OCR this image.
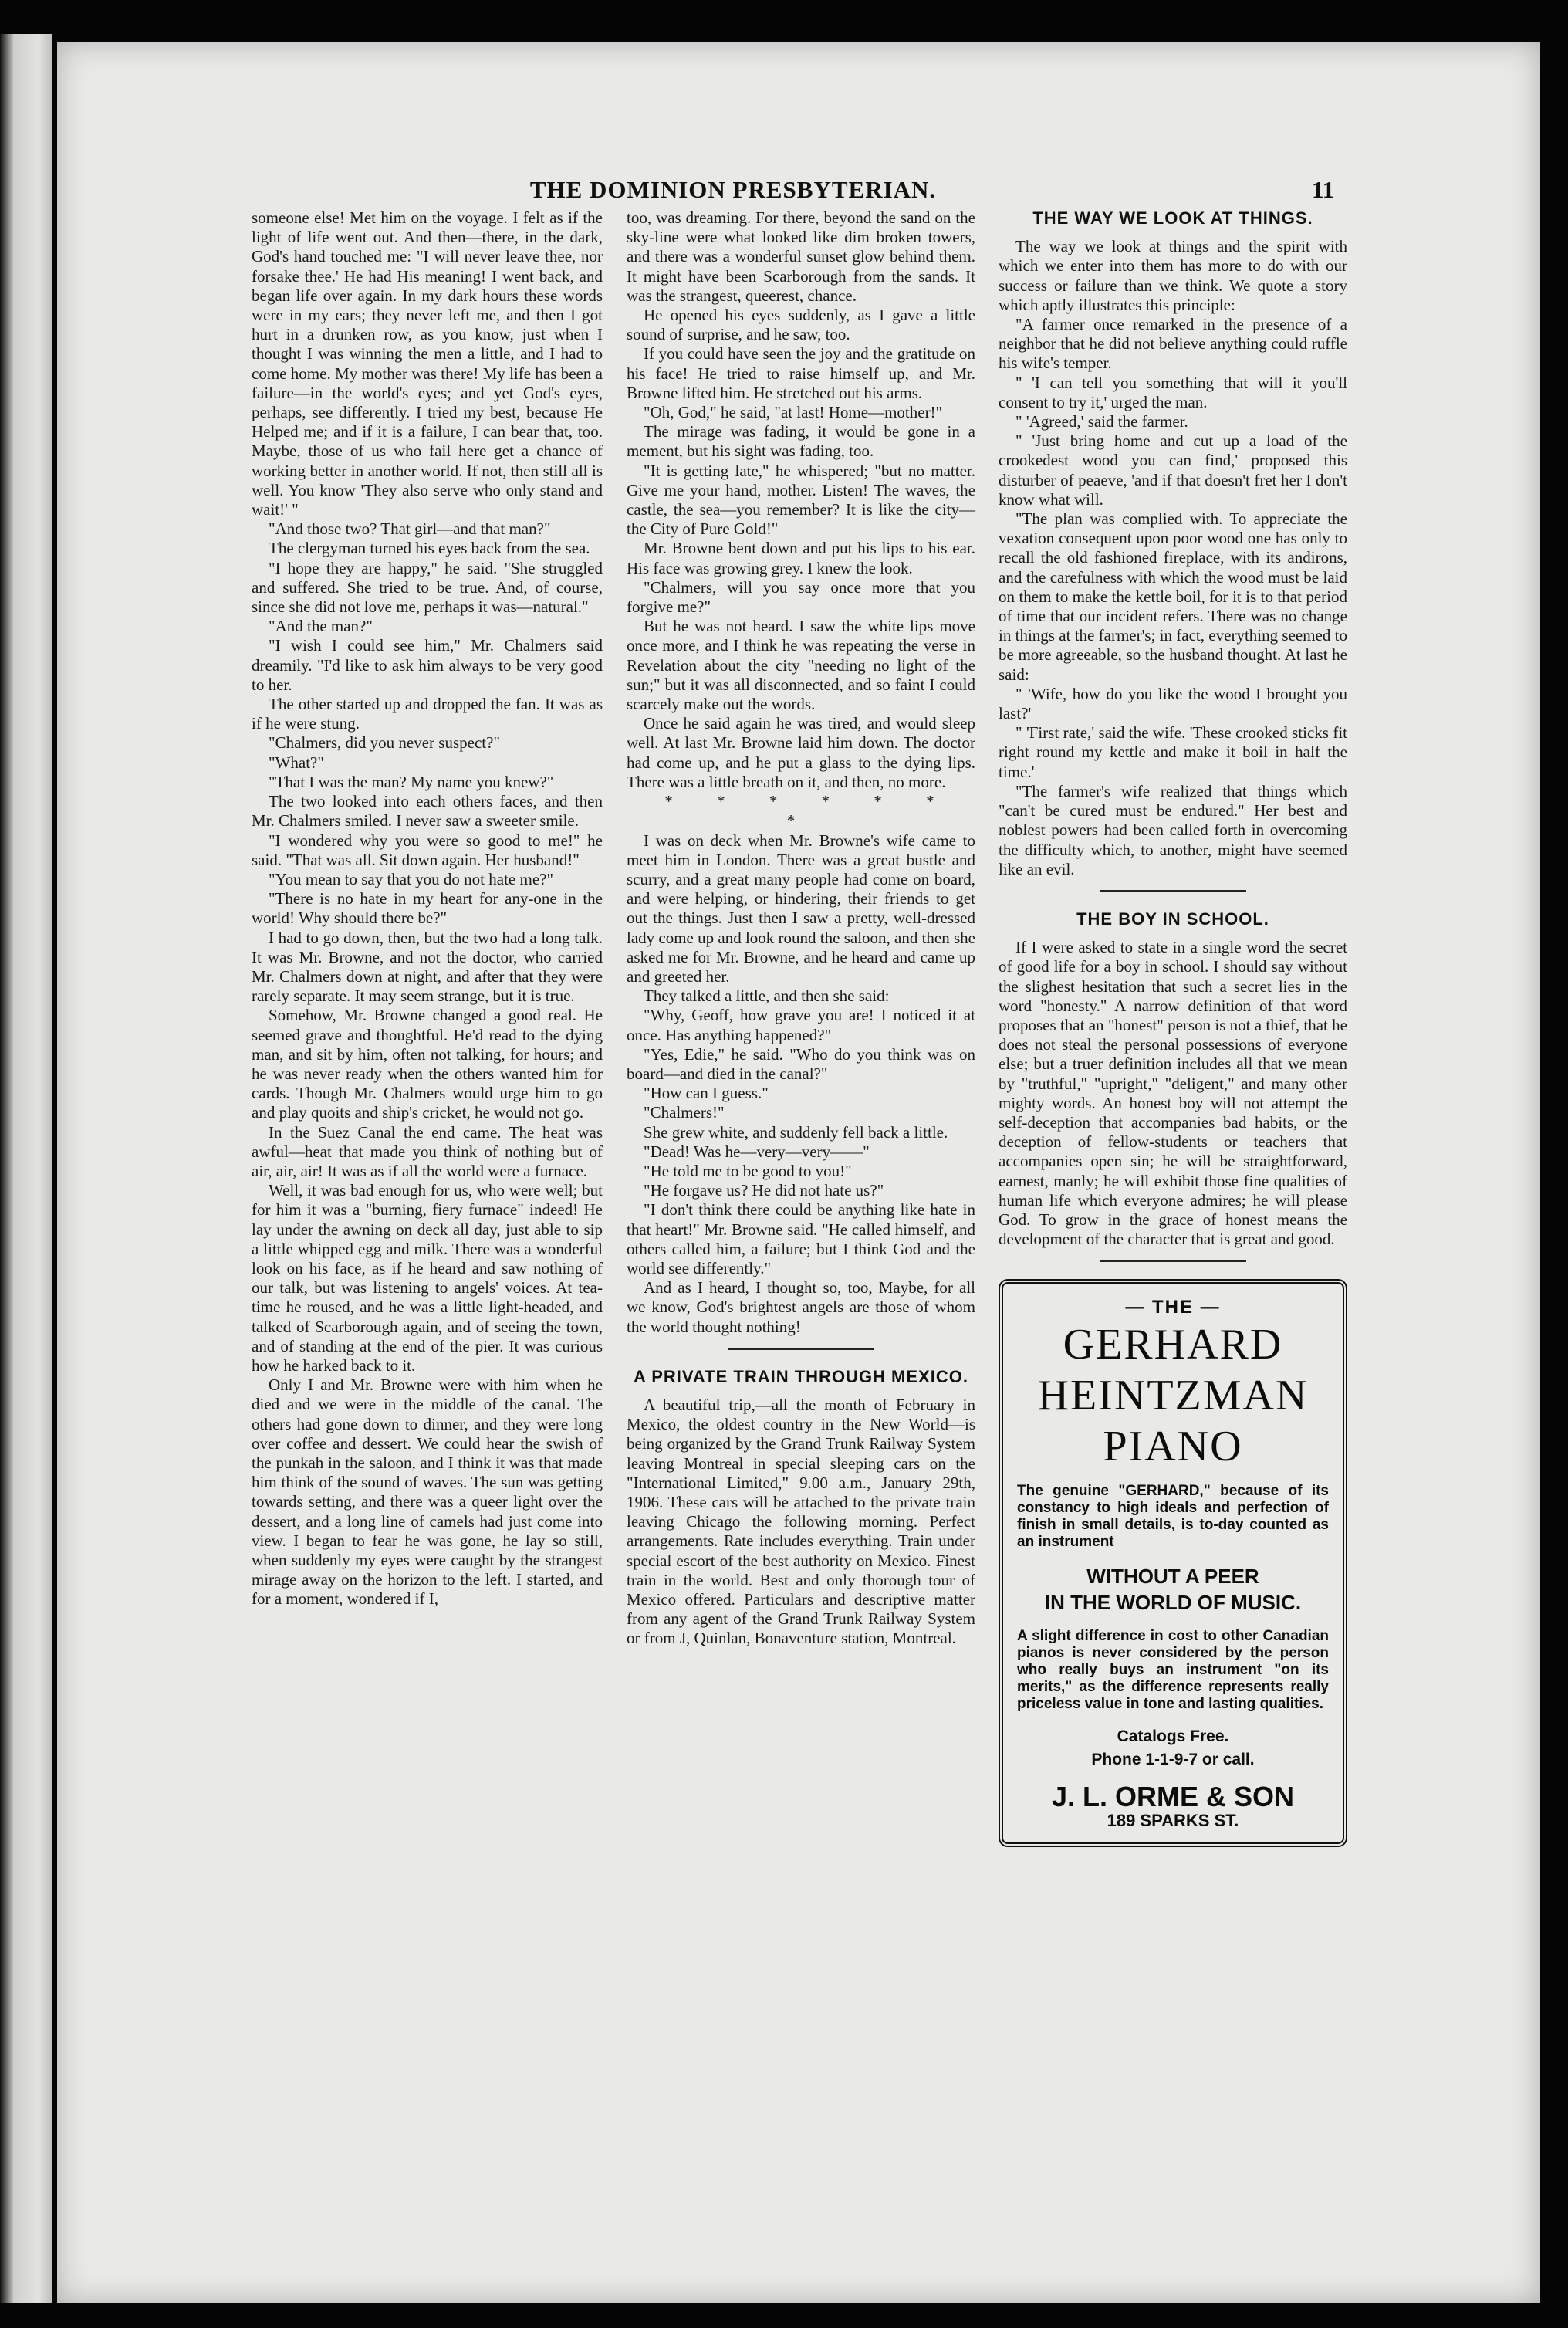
THE DOMINION PRESBYTERIAN.	11

someone else! Met him on the voyage. I felt as if the light of life went out. And then—there, in the dark, God's hand touched me: "I will never leave thee, nor forsake thee.' He had His meaning! I went back, and began life over again. In my dark hours these words were in my ears; they never left me, and then I got hurt in a drunken row, as you know, just when I thought I was winning the men a little, and I had to come home. My mother was there! My life has been a failure—in the world's eyes; and yet God's eyes, perhaps, see differently. I tried my best, because He Helped me; and if it is a failure, I can bear that, too. Maybe, those of us who fail here get a chance of working better in another world. If not, then still all is well. You know 'They also serve who only stand and wait!' "

"And those two? That girl—and that man?"

The clergyman turned his eyes back from the sea.

"I hope they are happy," he said. "She struggled and suffered. She tried to be true. And, of course, since she did not love me, perhaps it was—natural."

"And the man?"

"I wish I could see him," Mr. Chalmers said dreamily. "I'd like to ask him always to be very good to her.

The other started up and dropped the fan. It was as if he were stung.

"Chalmers, did you never suspect?"

"What?"

"That I was the man? My name you knew?"

The two looked into each others faces, and then Mr. Chalmers smiled. I never saw a sweeter smile.

"I wondered why you were so good to me!" he said. "That was all. Sit down again. Her husband!"

"You mean to say that you do not hate me?"

"There is no hate in my heart for any-one in the world! Why should there be?"

I had to go down, then, but the two had a long talk. It was Mr. Browne, and not the doctor, who carried Mr. Chalmers down at night, and after that they were rarely separate. It may seem strange, but it is true.

Somehow, Mr. Browne changed a good real. He seemed grave and thoughtful. He'd read to the dying man, and sit by him, often not talking, for hours; and he was never ready when the others wanted him for cards. Though Mr. Chalmers would urge him to go and play quoits and ship's cricket, he would not go.

In the Suez Canal the end came. The heat was awful—heat that made you think of nothing but of air, air, air! It was as if all the world were a furnace.

Well, it was bad enough for us, who were well; but for him it was a "burning, fiery furnace" indeed! He lay under the awning on deck all day, just able to sip a little whipped egg and milk. There was a wonderful look on his face, as if he heard and saw nothing of our talk, but was listening to angels' voices. At tea-time he roused, and he was a little light-headed, and talked of Scarborough again, and of seeing the town, and of standing at the end of the pier. It was curious how he harked back to it.

Only I and Mr. Browne were with him when he died and we were in the middle of the canal. The others had gone down to dinner, and they were long over coffee and dessert. We could hear the swish of the punkah in the saloon, and I think it was that made him think of the sound of waves. The sun was getting towards setting, and there was a queer light over the dessert, and a long line of camels had just come into view. I began to fear he was gone, he lay so still, when suddenly my eyes were caught by the strangest mirage away on the horizon to the left. I started, and for a moment, wondered if I,

too, was dreaming. For there, beyond the sand on the sky-line were what looked like dim broken towers, and there was a wonderful sunset glow behind them. It might have been Scarborough from the sands. It was the strangest, queerest, chance.

He opened his eyes suddenly, as I gave a little sound of surprise, and he saw, too.

If you could have seen the joy and the gratitude on his face! He tried to raise himself up, and Mr. Browne lifted him. He stretched out his arms.

"Oh, God," he said, "at last! Home—mother!"

The mirage was fading, it would be gone in a mement, but his sight was fading, too.

"It is getting late," he whispered; "but no matter. Give me your hand, mother. Listen! The waves, the castle, the sea—you remember? It is like the city—the City of Pure Gold!"

Mr. Browne bent down and put his lips to his ear. His face was growing grey. I knew the look.

"Chalmers, will you say once more that you forgive me?"

But he was not heard. I saw the white lips move once more, and I think he was repeating the verse in Revelation about the city "needing no light of the sun;" but it was all disconnected, and so faint I could scarcely make out the words.

Once he said again he was tired, and would sleep well. At last Mr. Browne laid him down. The doctor had come up, and he put a glass to the dying lips. There was a little breath on it, and then, no more.

* * * * * * *

I was on deck when Mr. Browne's wife came to meet him in London. There was a great bustle and scurry, and a great many people had come on board, and were helping, or hindering, their friends to get out the things. Just then I saw a pretty, well-dressed lady come up and look round the saloon, and then she asked me for Mr. Browne, and he heard and came up and greeted her.

They talked a little, and then she said:

"Why, Geoff, how grave you are! I noticed it at once. Has anything happened?"

"Yes, Edie," he said. "Who do you think was on board—and died in the canal?"

"How can I guess."

"Chalmers!"

She grew white, and suddenly fell back a little.

"Dead! Was he—very—very——"

"He told me to be good to you!"

"He forgave us? He did not hate us?"

"I don't think there could be anything like hate in that heart!" Mr. Browne said. "He called himself, and others called him, a failure; but I think God and the world see differently."

And as I heard, I thought so, too, Maybe, for all we know, God's brightest angels are those of whom the world thought nothing!

A PRIVATE TRAIN THROUGH MEXICO.

A beautiful trip,—all the month of February in Mexico, the oldest country in the New World—is being organized by the Grand Trunk Railway System leaving Montreal in special sleeping cars on the "International Limited," 9.00 a.m., January 29th, 1906. These cars will be attached to the private train leaving Chicago the following morning. Perfect arrangements. Rate includes everything. Train under special escort of the best authority on Mexico. Finest train in the world. Best and only thorough tour of Mexico offered. Particulars and descriptive matter from any agent of the Grand Trunk Railway System or from J, Quinlan, Bonaventure station, Montreal.

THE WAY WE LOOK AT THINGS.

The way we look at things and the spirit with which we enter into them has more to do with our success or failure than we think. We quote a story which aptly illustrates this principle:

"A farmer once remarked in the presence of a neighbor that he did not believe anything could ruffle his wife's temper.

" 'I can tell you something that will it you'll consent to try it,' urged the man.

" 'Agreed,' said the farmer.

" 'Just bring home and cut up a load of the crookedest wood you can find,' proposed this disturber of peaeve, 'and if that doesn't fret her I don't know what will.

"The plan was complied with. To appreciate the vexation consequent upon poor wood one has only to recall the old fashioned fireplace, with its andirons, and the carefulness with which the wood must be laid on them to make the kettle boil, for it is to that period of time that our incident refers. There was no change in things at the farmer's; in fact, everything seemed to be more agreeable, so the husband thought. At last he said:

" 'Wife, how do you like the wood I brought you last?'

" 'First rate,' said the wife. 'These crooked sticks fit right round my kettle and make it boil in half the time.'

"The farmer's wife realized that things which "can't be cured must be endured." Her best and noblest powers had been called forth in overcoming the difficulty which, to another, might have seemed like an evil.

THE BOY IN SCHOOL.

If I were asked to state in a single word the secret of good life for a boy in school. I should say without the slighest hesitation that such a secret lies in the word "honesty." A narrow definition of that word proposes that an "honest" person is not a thief, that he does not steal the personal possessions of everyone else; but a truer definition includes all that we mean by "truthful," "upright," "deligent," and many other mighty words. An honest boy will not attempt the self-deception that accompanies bad habits, or the deception of fellow-students or teachers that accompanies open sin; he will be straightforward, earnest, manly; he will exhibit those fine qualities of human life which everyone admires; he will please God. To grow in the grace of honest means the development of the character that is great and good.

— THE —
GERHARD
HEINTZMAN
PIANO
The genuine "GERHARD," because of its constancy to high ideals and perfection of finish in small details, is to-day counted as an instrument
WITHOUT A PEER
IN THE WORLD OF MUSIC.
A slight difference in cost to other Canadian pianos is never considered by the person who really buys an instrument "on its merits," as the difference represents really priceless value in tone and lasting qualities.
Catalogs Free.
Phone 1-1-9-7 or call.
J. L. ORME & SON
189 SPARKS ST.
